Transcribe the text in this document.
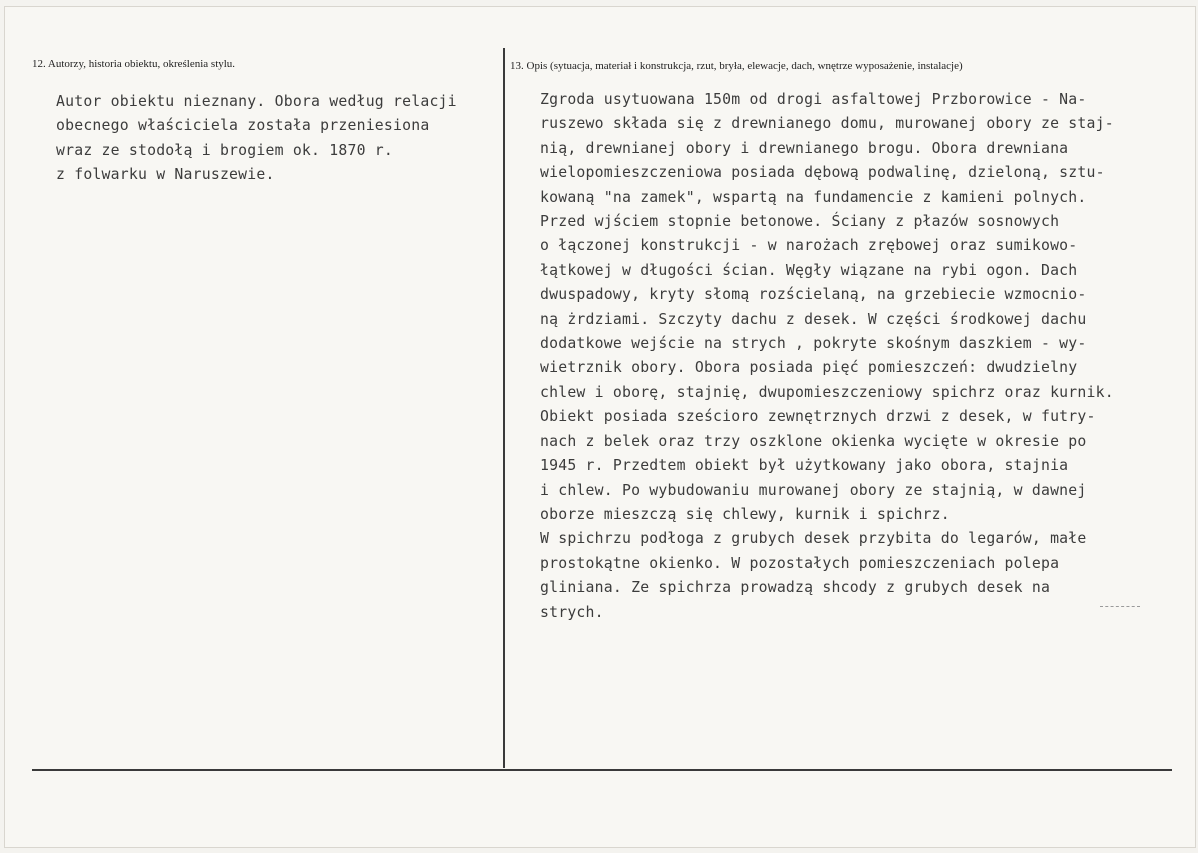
12. Autorzy, historia obiektu, określenia stylu.	13. Opis (sytuacja, materiał i konstrukcja, rzut, bryła, elewacje, dach, wnętrze wyposażenie, instalacje)
Autor obiektu nieznany. Obora według relacji
obecnego właściciela została przeniesiona
wraz ze stodołą i brogiem ok. 1870 r.
z folwarku w Naruszewie.
Zgroda usytuowana 150m od drogi asfaltowej Przborowice - Na-
ruszewo składa się z drewnianego domu, murowanej obory ze staj-
nią, drewnianej obory i drewnianego brogu. Obora drewniana
wielopomieszczeniowa posiada dębową podwalinę, dzieloną, sztu-
kowaną "na zamek", wspartą na fundamencie z kamieni polnych.
Przed wjściem stopnie betonowe. Ściany z płazów sosnowych
o łączonej konstrukcji - w narożach zrębowej oraz sumikowo-
łątkowej w długości ścian. Węgły wiązane na rybi ogon. Dach
dwuspadowy, kryty słomą rozścielaną, na grzebiecie wzmocnio-
ną żrdziami. Szczyty dachu z desek. W części środkowej dachu
dodatkowe wejście na strych , pokryte skośnym daszkiem - wy-
wietrznik obory. Obora posiada pięć pomieszczeń: dwudzielny
chlew i oborę, stajnię, dwupomieszczeniowy spichrz oraz kurnik.
Obiekt posiada sześcioro zewnętrznych drzwi z desek, w futry-
nach z belek oraz trzy oszklone okienka wycięte w okresie po
1945 r. Przedtem obiekt był użytkowany jako obora, stajnia
i chlew. Po wybudowaniu murowanej obory ze stajnią, w dawnej
oborze mieszczą się chlewy, kurnik i spichrz.
W spichrzu podłoga z grubych desek przybita do legarów, małe
prostokątne okienko. W pozostałych pomieszczeniach polepa
gliniana. Ze spichrza prowadzą shcody z grubych desek na
strych.
